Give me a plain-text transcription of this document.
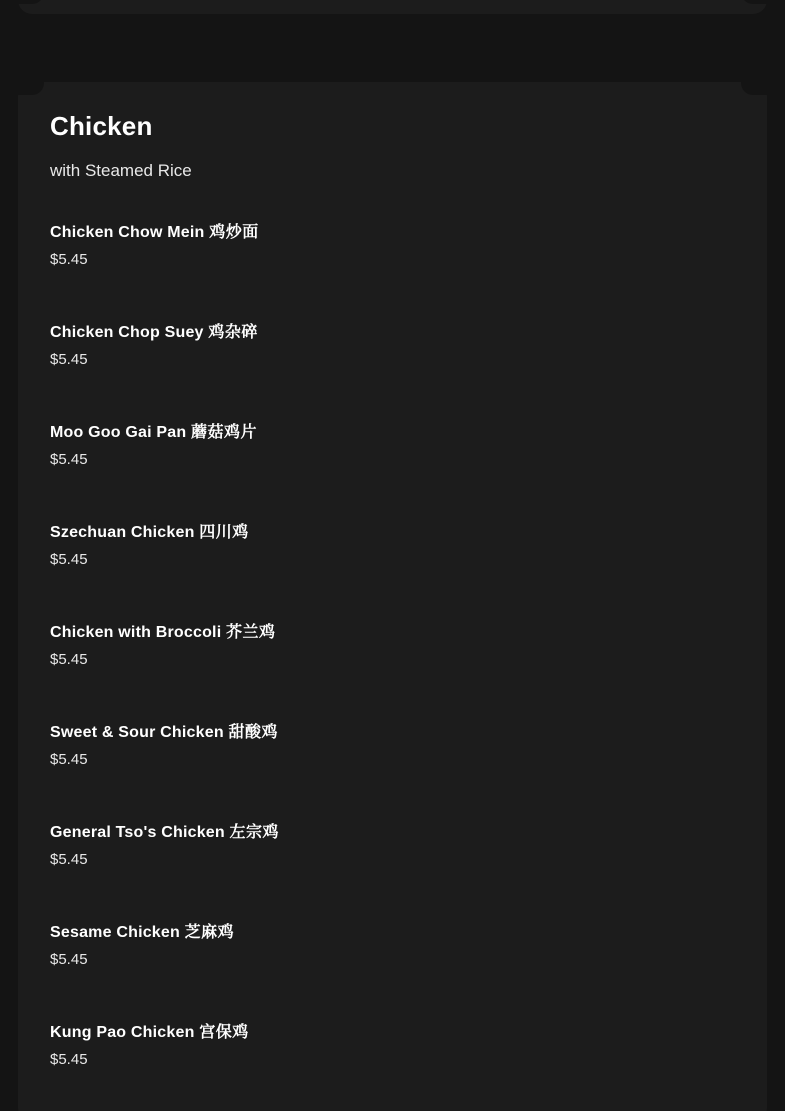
Chicken

with Steamed Rice

Chicken Chow Mein 鸡炒面

$5.45

Chicken Chop Suey 鸡杂碎

$5.45

Moo Goo Gai Pan 蘑菇鸡片

$5.45

Szechuan Chicken 四川鸡

$5.45

Chicken with Broccoli 芥兰鸡

$5.45

Sweet & Sour Chicken 甜酸鸡

$5.45

General Tso's Chicken 左宗鸡

$5.45

Sesame Chicken 芝麻鸡

$5.45

Kung Pao Chicken 宫保鸡

$5.45
